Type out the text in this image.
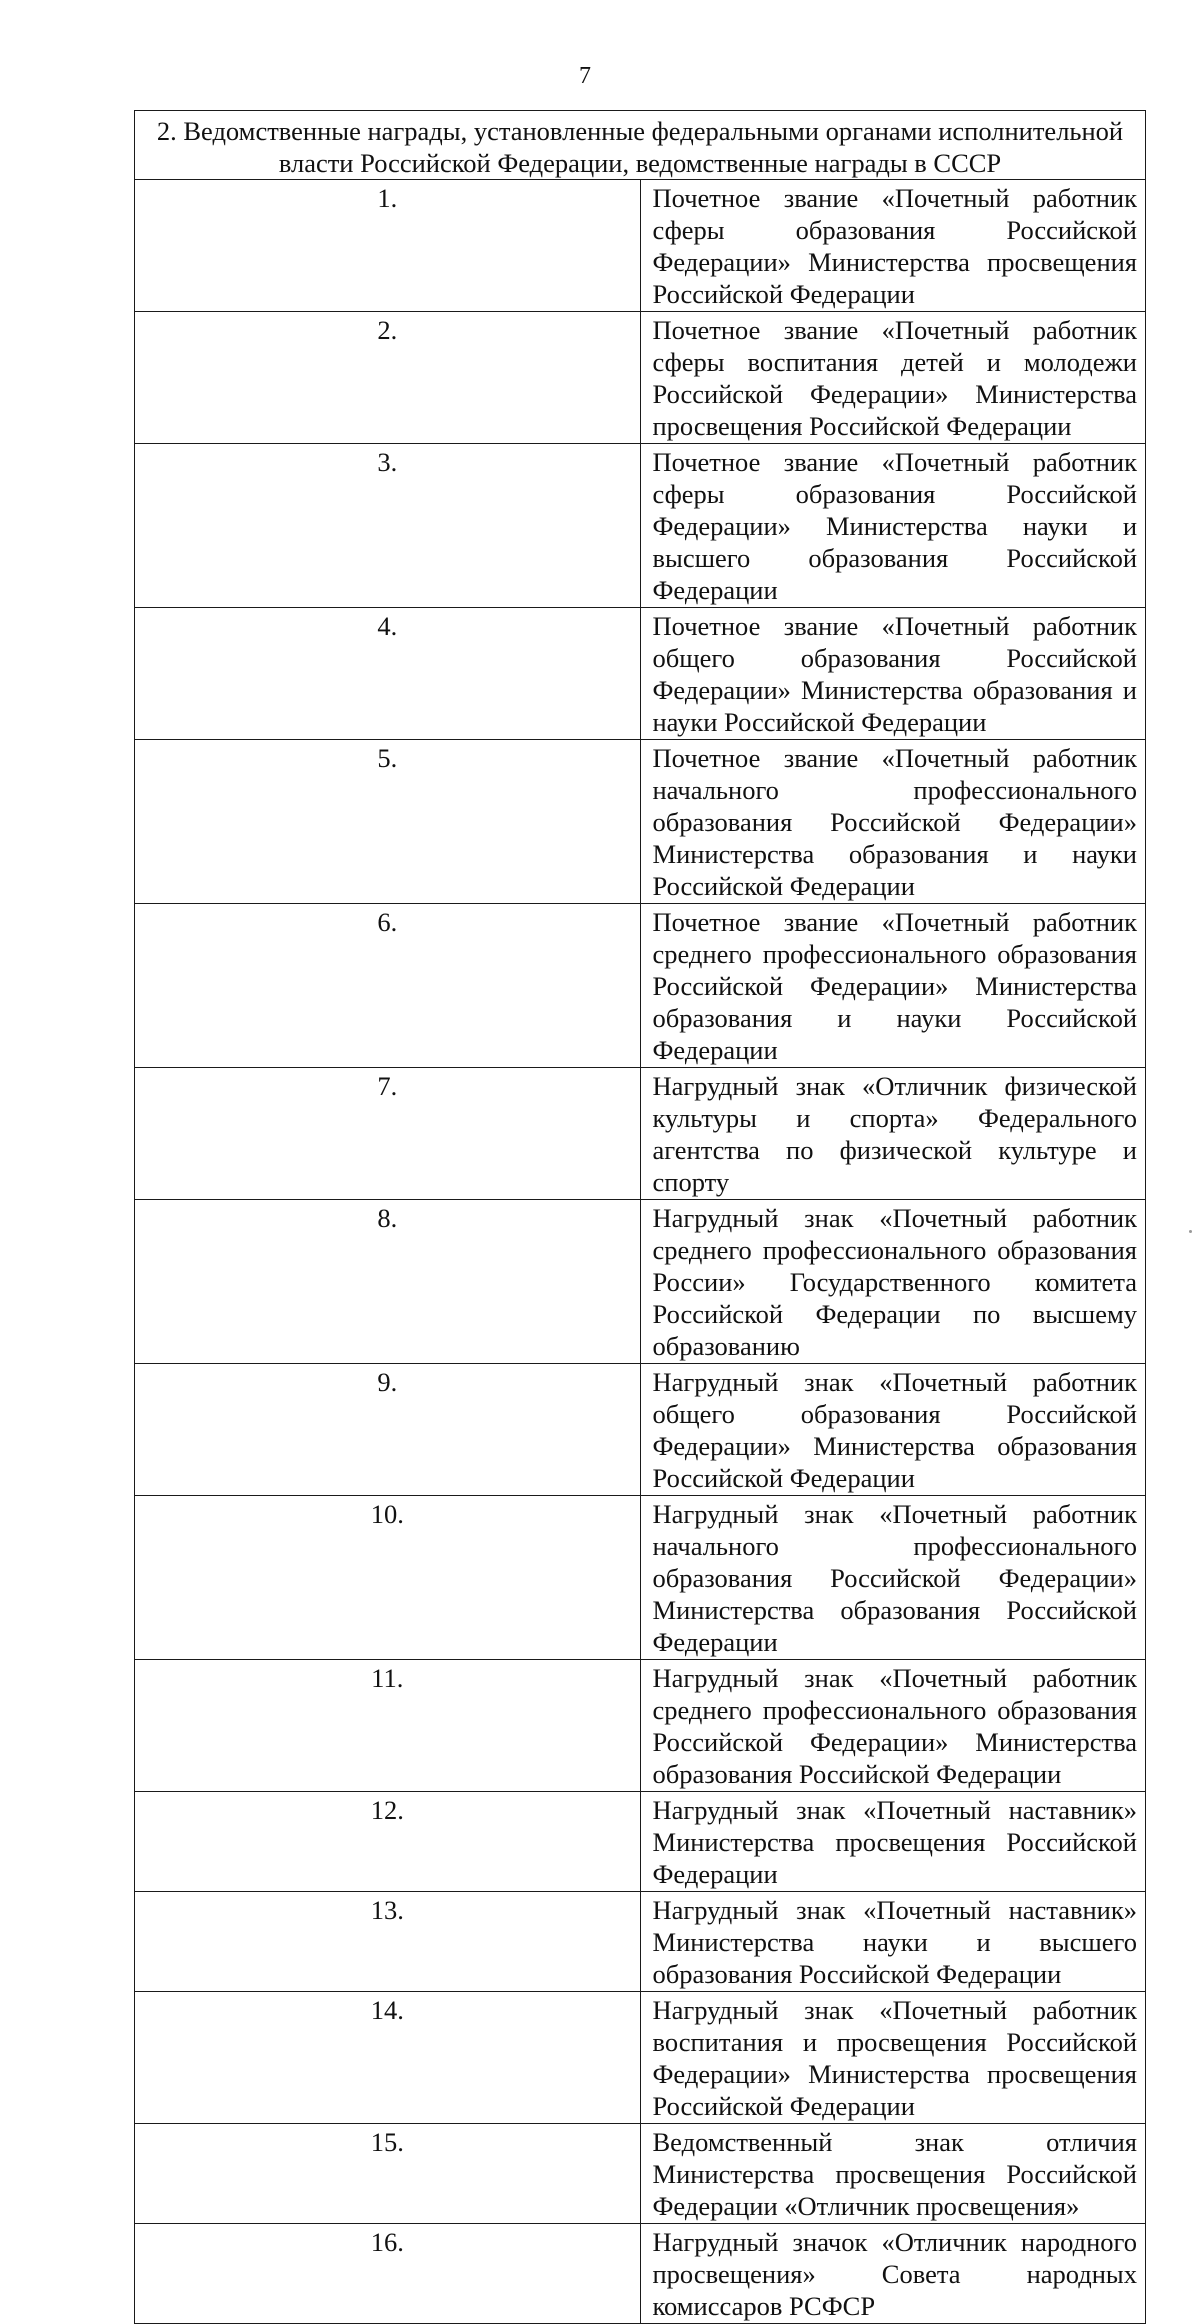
7
2. Ведомственные награды, установленные федеральными органами исполнительной власти Российской Федерации, ведомственные награды в СССР	
1.	Почетное звание «Почетный работник сферы образования Российской Федерации» Министерства просвещения Российской Федерации
2.	Почетное звание «Почетный работник сферы воспитания детей и молодежи Российской Федерации» Министерства просвещения Российской Федерации
3.	Почетное звание «Почетный работник сферы образования Российской Федерации» Министерства науки и высшего образования Российской Федерации
4.	Почетное звание «Почетный работник общего образования Российской Федерации» Министерства образования и науки Российской Федерации
5.	Почетное звание «Почетный работник начального профессионального образования Российской Федерации» Министерства образования и науки Российской Федерации
6.	Почетное звание «Почетный работник среднего профессионального образования Российской Федерации» Министерства образования и науки Российской Федерации
7.	Нагрудный знак «Отличник физической культуры и спорта» Федерального агентства по физической культуре и спорту
8.	Нагрудный знак «Почетный работник среднего профессионального образования России» Государственного комитета Российской Федерации по высшему образованию
9.	Нагрудный знак «Почетный работник общего образования Российской Федерации» Министерства образования Российской Федерации
10.	Нагрудный знак «Почетный работник начального профессионального образования Российской Федерации» Министерства образования Российской Федерации
11.	Нагрудный знак «Почетный работник среднего профессионального образования Российской Федерации» Министерства образования Российской Федерации
12.	Нагрудный знак «Почетный наставник» Министерства просвещения Российской Федерации
13.	Нагрудный знак «Почетный наставник» Министерства науки и высшего образования Российской Федерации
14.	Нагрудный знак «Почетный работник воспитания и просвещения Российской Федерации» Министерства просвещения Российской Федерации
15.	Ведомственный знак отличия Министерства просвещения Российской Федерации «Отличник просвещения»
16.	Нагрудный значок «Отличник народного просвещения» Совета народных комиссаров РСФСР
